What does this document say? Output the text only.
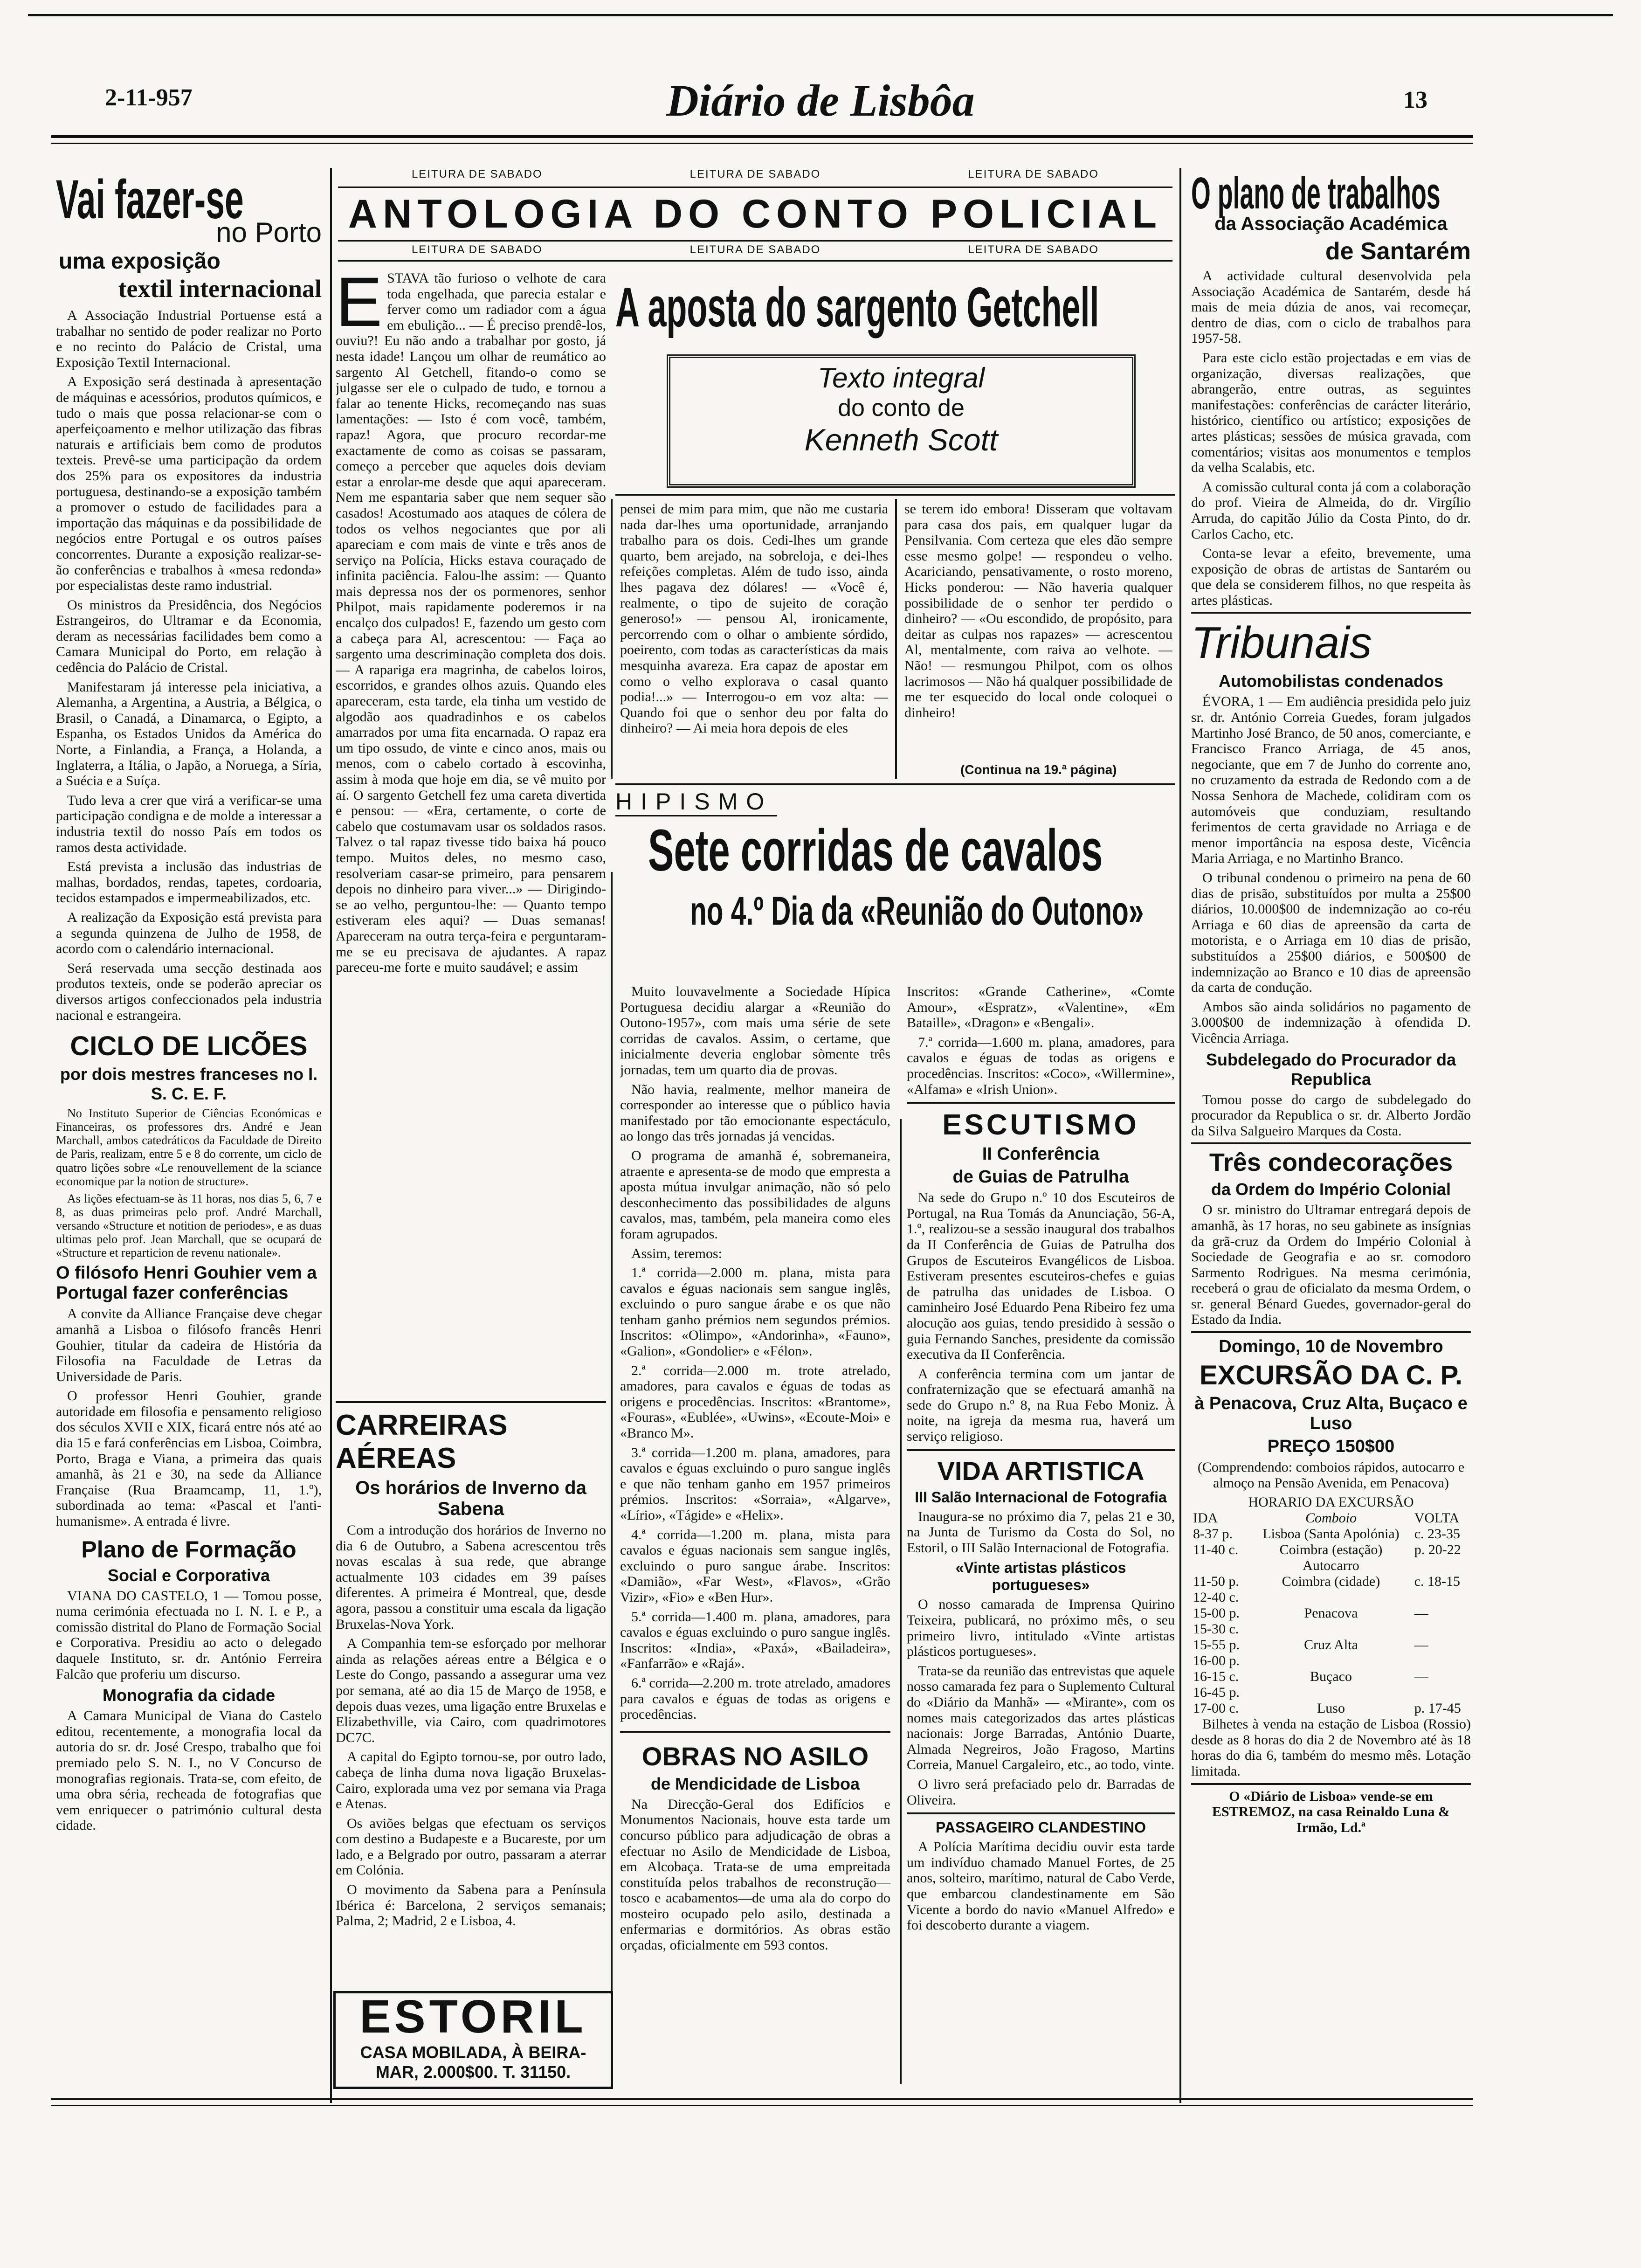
2-11-957	Diário de Lisbôa	13
Vai fazer-se
no Porto
uma exposição
textil internacional

A Associação Industrial Portuense está a trabalhar no sentido de poder realizar no Porto e no recinto do Palácio de Cristal, uma Exposição Textil Internacional.

A Exposição será destinada à apresentação de máquinas e acessórios, produtos químicos, e tudo o mais que possa relacionar-se com o aperfeiçoamento e melhor utilização das fibras naturais e artificiais bem como de produtos texteis. Prevê-se uma participação da ordem dos 25% para os expositores da industria portuguesa, destinando-se a exposição também a promover o estudo de facilidades para a importação das máquinas e da possibilidade de negócios entre Portugal e os outros países concorrentes. Durante a exposição realizar-se-ão conferências e trabalhos à «mesa redonda» por especialistas deste ramo industrial.

Os ministros da Presidência, dos Negócios Estrangeiros, do Ultramar e da Economia, deram as necessárias facilidades bem como a Camara Municipal do Porto, em relação à cedência do Palácio de Cristal.

Manifestaram já interesse pela iniciativa, a Alemanha, a Argentina, a Austria, a Bélgica, o Brasil, o Canadá, a Dinamarca, o Egipto, a Espanha, os Estados Unidos da América do Norte, a Finlandia, a França, a Holanda, a Inglaterra, a Itália, o Japão, a Noruega, a Síria, a Suécia e a Suíça.

Tudo leva a crer que virá a verificar-se uma participação condigna e de molde a interessar a industria textil do nosso País em todos os ramos desta actividade.

Está prevista a inclusão das industrias de malhas, bordados, rendas, tapetes, cordoaria, tecidos estampados e impermeabilizados, etc.

A realização da Exposição está prevista para a segunda quinzena de Julho de 1958, de acordo com o calendário internacional.

Será reservada uma secção destinada aos produtos texteis, onde se poderão apreciar os diversos artigos confeccionados pela industria nacional e estrangeira.

CICLO DE LICÕES
por dois mestres franceses no I. S. C. E. F.

No Instituto Superior de Ciências Económicas e Financeiras, os professores drs. André e Jean Marchall, ambos catedráticos da Faculdade de Direito de Paris, realizam, entre 5 e 8 do corrente, um ciclo de quatro lições sobre «Le renouvellement de la sciance economique par la notion de structure».

As lições efectuam-se às 11 horas, nos dias 5, 6, 7 e 8, as duas primeiras pelo prof. André Marchall, versando «Structure et notition de periodes», e as duas ultimas pelo prof. Jean Marchall, que se ocupará de «Structure et reparticion de revenu nationale».

O filósofo Henri Gouhier vem a Portugal fazer conferências

A convite da Alliance Française deve chegar amanhã a Lisboa o filósofo francês Henri Gouhier, titular da cadeira de História da Filosofia na Faculdade de Letras da Universidade de Paris.

O professor Henri Gouhier, grande autoridade em filosofia e pensamento religioso dos séculos XVII e XIX, ficará entre nós até ao dia 15 e fará conferências em Lisboa, Coimbra, Porto, Braga e Viana, a primeira das quais amanhã, às 21 e 30, na sede da Alliance Française (Rua Braamcamp, 11, 1.º), subordinada ao tema: «Pascal et l'anti-humanisme». A entrada é livre.

Plano de Formação
Social e Corporativa

VIANA DO CASTELO, 1 — Tomou posse, numa cerimónia efectuada no I. N. I. e P., a comissão distrital do Plano de Formação Social e Corporativa. Presidiu ao acto o delegado daquele Instituto, sr. dr. António Ferreira Falcão que proferiu um discurso.

Monografia da cidade

A Camara Municipal de Viana do Castelo editou, recentemente, a monografia local da autoria do sr. dr. José Crespo, trabalho que foi premiado pelo S. N. I., no V Concurso de monografias regionais. Trata-se, com efeito, de uma obra séria, recheada de fotografias que vem enriquecer o património cultural desta cidade.

LEITURA DE SABADO	LEITURA DE SABADO	LEITURA DE SABADO
ANTOLOGIA DO CONTO POLICIAL
LEITURA DE SABADO	LEITURA DE SABADO	LEITURA DE SABADO

ESTAVA tão furioso o velhote de cara toda engelhada, que parecia estalar e ferver como um radiador com a água em ebulição... — É preciso prendê-los, ouviu?! Eu não ando a trabalhar por gosto, já nesta idade! Lançou um olhar de reumático ao sargento Al Getchell, fitando-o como se julgasse ser ele o culpado de tudo, e tornou a falar ao tenente Hicks, recomeçando nas suas lamentações: — Isto é com você, também, rapaz! Agora, que procuro recordar-me exactamente de como as coisas se passaram, começo a perceber que aqueles dois deviam estar a enrolar-me desde que aqui apareceram. Nem me espantaria saber que nem sequer são casados! Acostumado aos ataques de cólera de todos os velhos negociantes que por ali apareciam e com mais de vinte e três anos de serviço na Polícia, Hicks estava couraçado de infinita paciência. Falou-lhe assim: — Quanto mais depressa nos der os pormenores, senhor Philpot, mais rapidamente poderemos ir na encalço dos culpados! E, fazendo um gesto com a cabeça para Al, acrescentou: — Faça ao sargento uma descriminação completa dos dois. — A rapariga era magrinha, de cabelos loiros, escorridos, e grandes olhos azuis. Quando eles apareceram, esta tarde, ela tinha um vestido de algodão aos quadradinhos e os cabelos amarrados por uma fita encarnada. O rapaz era um tipo ossudo, de vinte e cinco anos, mais ou menos, com o cabelo cortado à escovinha, assim à moda que hoje em dia, se vê muito por aí. O sargento Getchell fez uma careta divertida e pensou: — «Era, certamente, o corte de cabelo que costumavam usar os soldados rasos. Talvez o tal rapaz tivesse tido baixa há pouco tempo. Muitos deles, no mesmo caso, resolveriam casar-se primeiro, para pensarem depois no dinheiro para viver...» — Dirigindo-se ao velho, perguntou-lhe: — Quanto tempo estiveram eles aqui? — Duas semanas! Apareceram na outra terça-feira e perguntaram-me se eu precisava de ajudantes. A rapaz pareceu-me forte e muito saudável; e assim

A aposta do sargento Getchell
Texto integral
do conto de
Kenneth Scott

pensei de mim para mim, que não me custaria nada dar-lhes uma oportunidade, arranjando trabalho para os dois. Cedi-lhes um grande quarto, bem arejado, na sobreloja, e dei-lhes refeições completas. Além de tudo isso, ainda lhes pagava dez dólares! — «Você é, realmente, o tipo de sujeito de coração generoso!» — pensou Al, ironicamente, percorrendo com o olhar o ambiente sórdido, poeirento, com todas as características da mais mesquinha avareza. Era capaz de apostar em como o velho explorava o casal quanto podia!...» — Interrogou-o em voz alta: — Quando foi que o senhor deu por falta do dinheiro? — Ai meia hora depois de eles

se terem ido embora! Disseram que voltavam para casa dos pais, em qualquer lugar da Pensilvania. Com certeza que eles dão sempre esse mesmo golpe! — respondeu o velho. Acariciando, pensativamente, o rosto moreno, Hicks ponderou: — Não haveria qualquer possibilidade de o senhor ter perdido o dinheiro? — «Ou escondido, de propósito, para deitar as culpas nos rapazes» — acrescentou Al, mentalmente, com raiva ao velhote. — Não! — resmungou Philpot, com os olhos lacrimosos — Não há qualquer possibilidade de me ter esquecido do local onde coloquei o dinheiro!

(Continua na 19.ª página)
HIPISMO
Sete corridas de cavalos
no 4.º Dia da «Reunião do Outono»

Muito louvavelmente a Sociedade Hípica Portuguesa decidiu alargar a «Reunião do Outono-1957», com mais uma série de sete corridas de cavalos. Assim, o certame, que inicialmente deveria englobar sòmente três jornadas, tem um quarto dia de provas.

Não havia, realmente, melhor maneira de corresponder ao interesse que o público havia manifestado por tão emocionante espectáculo, ao longo das três jornadas já vencidas.

O programa de amanhã é, sobremaneira, atraente e apresenta-se de modo que empresta a aposta mútua invulgar animação, não só pelo desconhecimento das possibilidades de alguns cavalos, mas, também, pela maneira como eles foram agrupados.

Assim, teremos:

1.ª corrida—2.000 m. plana, mista para cavalos e éguas nacionais sem sangue inglês, excluindo o puro sangue árabe e os que não tenham ganho prémios nem segundos prémios. Inscritos: «Olimpo», «Andorinha», «Fauno», «Galion», «Gondolier» e «Félon».

2.ª corrida—2.000 m. trote atrelado, amadores, para cavalos e éguas de todas as origens e procedências. Inscritos: «Brantome», «Fouras», «Eublée», «Uwins», «Ecoute-Moi» e «Branco M».

3.ª corrida—1.200 m. plana, amadores, para cavalos e éguas excluindo o puro sangue inglês e que não tenham ganho em 1957 primeiros prémios. Inscritos: «Sorraia», «Algarve», «Lírio», «Tágide» e «Helix».

4.ª corrida—1.200 m. plana, mista para cavalos e éguas nacionais sem sangue inglês, excluindo o puro sangue árabe. Inscritos: «Damião», «Far West», «Flavos», «Grão Vizir», «Fio» e «Ben Hur».

5.ª corrida—1.400 m. plana, amadores, para cavalos e éguas excluindo o puro sangue inglês. Inscritos: «India», «Paxá», «Bailadeira», «Fanfarrão» e «Rajá».

6.ª corrida—2.200 m. trote atrelado, amadores para cavalos e éguas de todas as origens e procedências.

OBRAS NO ASILO
de Mendicidade de Lisboa

Na Direcção-Geral dos Edifícios e Monumentos Nacionais, houve esta tarde um concurso público para adjudicação de obras a efectuar no Asilo de Mendicidade de Lisboa, em Alcobaça. Trata-se de uma empreitada constituída pelos trabalhos de reconstrução—tosco e acabamentos—de uma ala do corpo do mosteiro ocupado pelo asilo, destinada a enfermarias e dormitórios. As obras estão orçadas, oficialmente em 593 contos.

Inscritos: «Grande Catherine», «Comte Amour», «Espratz», «Valentine», «Em Bataille», «Dragon» e «Bengali».

7.ª corrida—1.600 m. plana, amadores, para cavalos e éguas de todas as origens e procedências. Inscritos: «Coco», «Willermine», «Alfama» e «Irish Union».

ESCUTISMO
II Conferência
de Guias de Patrulha

Na sede do Grupo n.º 10 dos Escuteiros de Portugal, na Rua Tomás da Anunciação, 56-A, 1.º, realizou-se a sessão inaugural dos trabalhos da II Conferência de Guias de Patrulha dos Grupos de Escuteiros Evangélicos de Lisboa. Estiveram presentes escuteiros-chefes e guias de patrulha das unidades de Lisboa. O caminheiro José Eduardo Pena Ribeiro fez uma alocução aos guias, tendo presidido à sessão o guia Fernando Sanches, presidente da comissão executiva da II Conferência.

A conferência termina com um jantar de confraternização que se efectuará amanhã na sede do Grupo n.º 8, na Rua Febo Moniz. À noite, na igreja da mesma rua, haverá um serviço religioso.

VIDA ARTISTICA
III Salão Internacional de Fotografia

Inaugura-se no próximo dia 7, pelas 21 e 30, na Junta de Turismo da Costa do Sol, no Estoril, o III Salão Internacional de Fotografia.

«Vinte artistas plásticos portugueses»

O nosso camarada de Imprensa Quirino Teixeira, publicará, no próximo mês, o seu primeiro livro, intitulado «Vinte artistas plásticos portugueses».

Trata-se da reunião das entrevistas que aquele nosso camarada fez para o Suplemento Cultural do «Diário da Manhã» — «Mirante», com os nomes mais categorizados das artes plásticas nacionais: Jorge Barradas, António Duarte, Almada Negreiros, João Fragoso, Martins Correia, Manuel Cargaleiro, etc., ao todo, vinte.

O livro será prefaciado pelo dr. Barradas de Oliveira.

PASSAGEIRO CLANDESTINO

A Polícia Marítima decidiu ouvir esta tarde um indivíduo chamado Manuel Fortes, de 25 anos, solteiro, marítimo, natural de Cabo Verde, que embarcou clandestinamente em São Vicente a bordo do navio «Manuel Alfredo» e foi descoberto durante a viagem.

CARREIRAS AÉREAS
Os horários de Inverno da Sabena

Com a introdução dos horários de Inverno no dia 6 de Outubro, a Sabena acrescentou três novas escalas à sua rede, que abrange actualmente 103 cidades em 39 países diferentes. A primeira é Montreal, que, desde agora, passou a constituir uma escala da ligação Bruxelas-Nova York.

A Companhia tem-se esforçado por melhorar ainda as relações aéreas entre a Bélgica e o Leste do Congo, passando a assegurar uma vez por semana, até ao dia 15 de Março de 1958, e depois duas vezes, uma ligação entre Bruxelas e Elizabethville, via Cairo, com quadrimotores DC7C.

A capital do Egipto tornou-se, por outro lado, cabeça de linha duma nova ligação Bruxelas-Cairo, explorada uma vez por semana via Praga e Atenas.

Os aviões belgas que efectuam os serviços com destino a Budapeste e a Bucareste, por um lado, e a Belgrado por outro, passaram a aterrar em Colónia.

O movimento da Sabena para a Península Ibérica é: Barcelona, 2 serviços semanais; Palma, 2; Madrid, 2 e Lisboa, 4.

ESTORIL
CASA MOBILADA, À BEIRA-MAR, 2.000$00. T. 31150.
O plano de trabalhos
da Associação Académica
de Santarém

A actividade cultural desenvolvida pela Associação Académica de Santarém, desde há mais de meia dúzia de anos, vai recomeçar, dentro de dias, com o ciclo de trabalhos para 1957-58.

Para este ciclo estão projectadas e em vias de organização, diversas realizações, que abrangerão, entre outras, as seguintes manifestações: conferências de carácter literário, histórico, científico ou artístico; exposições de artes plásticas; sessões de música gravada, com comentários; visitas aos monumentos e templos da velha Scalabis, etc.

A comissão cultural conta já com a colaboração do prof. Vieira de Almeida, do dr. Virgílio Arruda, do capitão Júlio da Costa Pinto, do dr. Carlos Cacho, etc.

Conta-se levar a efeito, brevemente, uma exposição de obras de artistas de Santarém ou que dela se considerem filhos, no que respeita às artes plásticas.

Tribunais
Automobilistas condenados

ÉVORA, 1 — Em audiência presidida pelo juiz sr. dr. António Correia Guedes, foram julgados Martinho José Branco, de 50 anos, comerciante, e Francisco Franco Arriaga, de 45 anos, negociante, que em 7 de Junho do corrente ano, no cruzamento da estrada de Redondo com a de Nossa Senhora de Machede, colidiram com os automóveis que conduziam, resultando ferimentos de certa gravidade no Arriaga e de menor importância na esposa deste, Vicência Maria Arriaga, e no Martinho Branco.

O tribunal condenou o primeiro na pena de 60 dias de prisão, substituídos por multa a 25$00 diários, 10.000$00 de indemnização ao co-réu Arriaga e 60 dias de apreensão da carta de motorista, e o Arriaga em 10 dias de prisão, substituídos a 25$00 diários, e 500$00 de indemnização ao Branco e 10 dias de apreensão da carta de condução.

Ambos são ainda solidários no pagamento de 3.000$00 de indemnização à ofendida D. Vicência Arriaga.

Subdelegado do Procurador da Republica

Tomou posse do cargo de subdelegado do procurador da Republica o sr. dr. Alberto Jordão da Silva Salgueiro Marques da Costa.

Três condecorações
da Ordem do Império Colonial

O sr. ministro do Ultramar entregará depois de amanhã, às 17 horas, no seu gabinete as insígnias da grã-cruz da Ordem do Império Colonial à Sociedade de Geografia e ao sr. comodoro Sarmento Rodrigues. Na mesma cerimónia, receberá o grau de oficialato da mesma Ordem, o sr. general Bénard Guedes, governador-geral do Estado da India.

Domingo, 10 de Novembro
EXCURSÃO DA C. P.
à Penacova, Cruz Alta, Buçaco e Luso
PREÇO 150$00

(Comprendendo: comboios rápidos, autocarro e almoço na Pensão Avenida, em Penacova)

HORARIO DA EXCURSÃO
IDA	Comboio	VOLTA
8-37 p.	Lisboa (Santa Apolónia)	c. 23-35
11-40 c.	Coimbra (estação)	p. 20-22
	Autocarro	
11-50 p.	Coimbra (cidade)	c. 18-15
12-40 c.		
15-00 p.	Penacova	—
15-30 c.		
15-55 p.	Cruz Alta	—
16-00 p.		
16-15 c.	Buçaco	—
16-45 p.		
17-00 c.	Luso	p. 17-45

Bilhetes à venda na estação de Lisboa (Rossio) desde as 8 horas do dia 2 de Novembro até às 18 horas do dia 6, também do mesmo mês. Lotação limitada.

O «Diário de Lisboa» vende-se em ESTREMOZ, na casa Reinaldo Luna & Irmão, Ld.ª
